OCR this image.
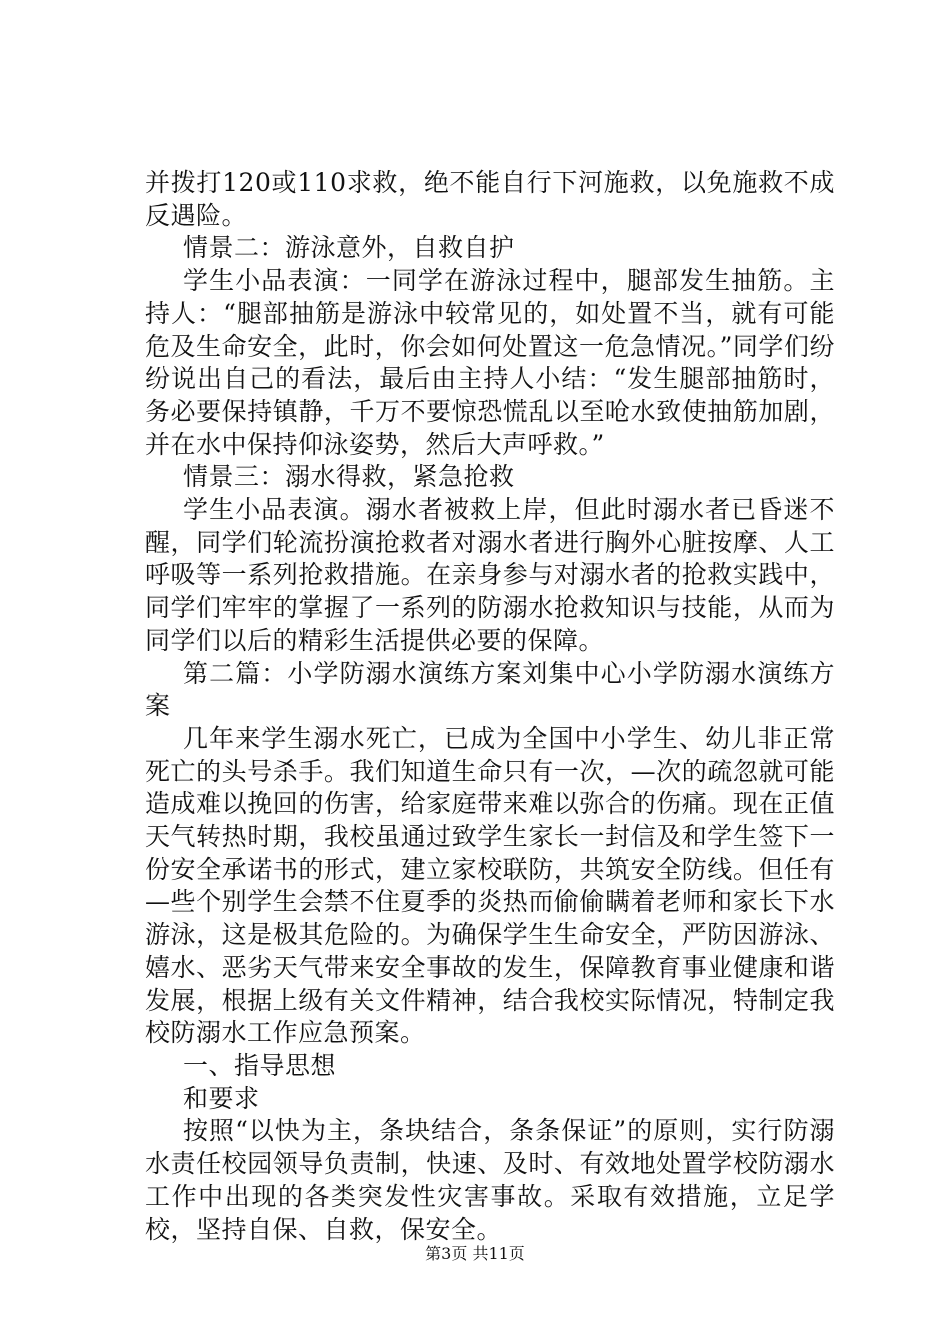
并拨打120或110求救，绝不能自行下河施救，以免施救不成反遇险。

情景二：游泳意外，自救自护

学生小品表演：一同学在游泳过程中，腿部发生抽筋。主持人：“腿部抽筋是游泳中较常见的，如处置不当，就有可能危及生命安全，此时，你会如何处置这一危急情况。”同学们纷纷说出自己的看法，最后由主持人小结：“发生腿部抽筋时，务必要保持镇静，千万不要惊恐慌乱以至呛水致使抽筋加剧，并在水中保持仰泳姿势，然后大声呼救。”

情景三：溺水得救，紧急抢救

学生小品表演。溺水者被救上岸，但此时溺水者已昏迷不醒，同学们轮流扮演抢救者对溺水者进行胸外心脏按摩、人工呼吸等一系列抢救措施。在亲身参与对溺水者的抢救实践中，同学们牢牢的掌握了一系列的防溺水抢救知识与技能，从而为同学们以后的精彩生活提供必要的保障。

第二篇：小学防溺水演练方案刘集中心小学防溺水演练方案

几年来学生溺水死亡，已成为全国中小学生、幼儿非正常死亡的头号杀手。我们知道生命只有一次，—次的疏忽就可能造成难以挽回的伤害，给家庭带来难以弥合的伤痛。现在正值天气转热时期，我校虽通过致学生家长一封信及和学生签下一份安全承诺书的形式，建立家校联防，共筑安全防线。但任有—些个别学生会禁不住夏季的炎热而偷偷瞒着老师和家长下水游泳，这是极其危险的。为确保学生生命安全，严防因游泳、嬉水、恶劣天气带来安全事故的发生，保障教育事业健康和谐发展，根据上级有关文件精神，结合我校实际情况，特制定我校防溺水工作应急预案。

一、指导思想

和要求

按照“以快为主，条块结合，条条保证”的原则，实行防溺水责任校园领导负责制，快速、及时、有效地处置学校防溺水工作中出现的各类突发性灾害事故。采取有效措施，立足学校，坚持自保、自救，保安全。

第3页 共11页
